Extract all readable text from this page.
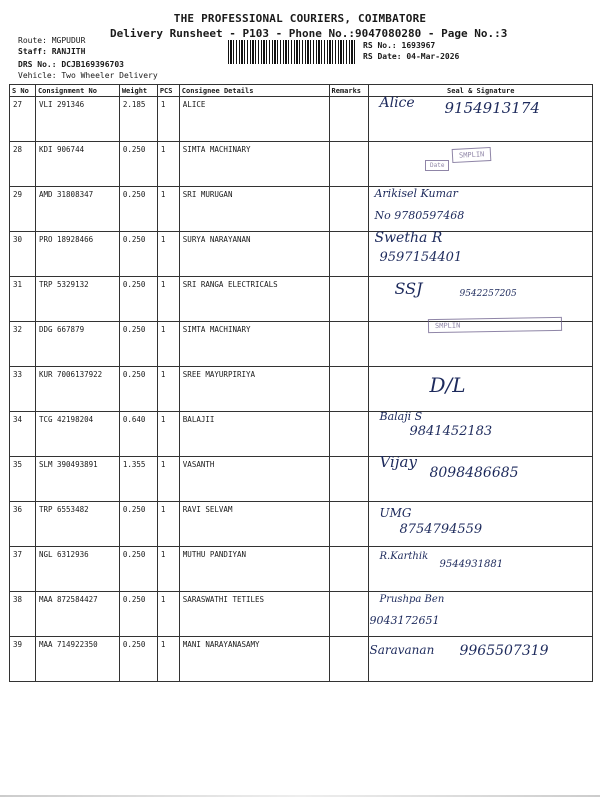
THE PROFESSIONAL COURIERS, COIMBATORE
Delivery Runsheet - P103 - Phone No.:9047080280 - Page No.:3
Route: MGPUDUR
Staff: RANJITH
DRS No.: DCJB169396703
Vehicle: Two Wheeler Delivery
RS No.: 1693967
RS Date: 04-Mar-2026
S No	Consignment No	Weight	PCS	Consignee Details	Remarks	Seal & Signature
27	VLI 291346	2.185	1	ALICE		Alice 9154913174

28	KDI 906744	0.250	1	SIMTA MACHINARY		
29	AMD 31808347	0.250	1	SRI MURUGAN		Arikisel Kumar
No 9780597468

30	PRO 18928466	0.250	1	SURYA NARAYANAN		Swetha R
9597154401

31	TRP 5329132	0.250	1	SRI RANGA ELECTRICALS		SSJ 9542257205

32	DDG 667879	0.250	1	SIMTA MACHINARY		
33	KUR 7006137922	0.250	1	SREE MAYURPIRIYA		D/L

34	TCG 42198204	0.640	1	BALAJII		Balaji S
9841452183

35	SLM 390493891	1.355	1	VASANTH		Vijay
8098486685

36	TRP 6553482	0.250	1	RAVI SELVAM		UMG
8754794559

37	NGL 6312936	0.250	1	MUTHU PANDIYAN		R.Karthik
9544931881

38	MAA 872584427	0.250	1	SARASWATHI TETILES		Prushpa Ben
9043172651

39	MAA 714922350	0.250	1	MANI NARAYANASAMY		Saravanan 9965507319
SMPLIN
Date
SMPLIN
